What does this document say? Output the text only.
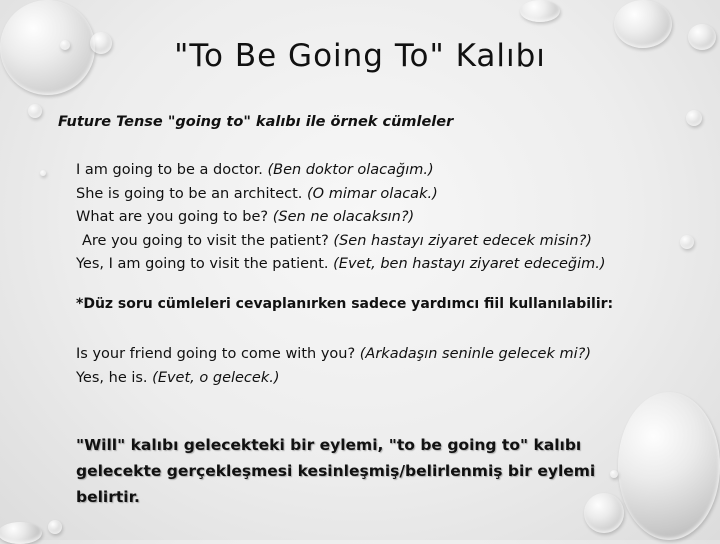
"To Be Going To" Kalıbı
Future Tense "going to" kalıbı ile örnek cümleler
I am going to be a doctor. (Ben doktor olacağım.)
She is going to be an architect. (O mimar olacak.)
What are you going to be? (Sen ne olacaksın?)
Are you going to visit the patient? (Sen hastayı ziyaret edecek misin?)
Yes, I am going to visit the patient. (Evet, ben hastayı ziyaret edeceğim.)
*Düz soru cümleleri cevaplanırken sadece yardımcı fiil kullanılabilir:
Is your friend going to come with you? (Arkadaşın seninle gelecek mi?)
Yes, he is. (Evet, o gelecek.)
"Will" kalıbı gelecekteki bir eylemi, "to be going to" kalıbı gelecekte gerçekleşmesi kesinleşmiş/belirlenmiş bir eylemi belirtir.
